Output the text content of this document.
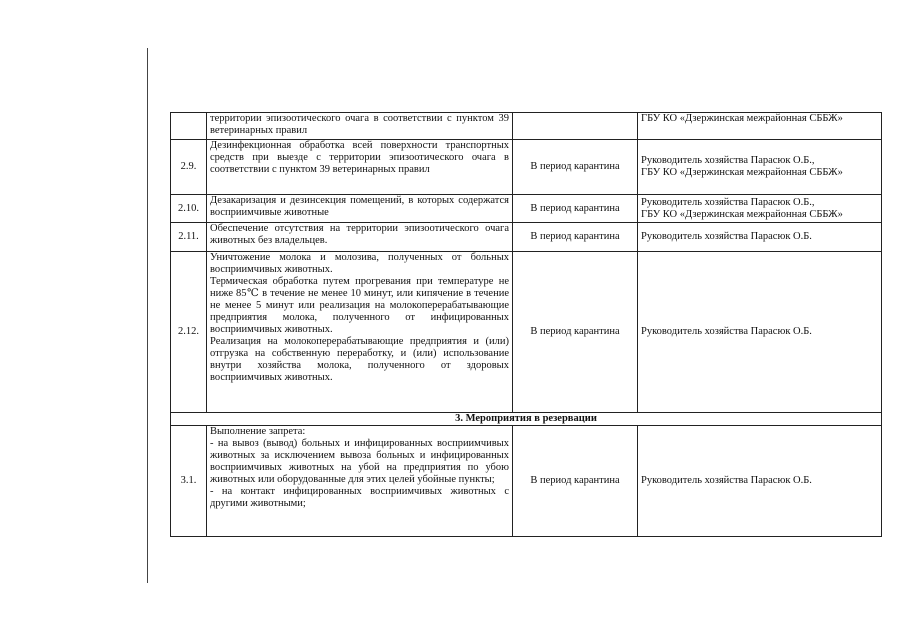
	территории эпизоотического очага в соответствии с пунктом 39 ветеринарных правил		ГБУ КО «Дзержинская межрайонная СББЖ»

2.9.	Дезинфекционная обработка всей поверхности транспортных средств при выезде с территории эпизоотического очага в соответствии с пунктом 39 ветеринарных правил	В период карантина	Руководитель хозяйства Парасюк О.Б.,
ГБУ КО «Дзержинская межрайонная СББЖ»

2.10.	Дезакаризация и дезинсекция помещений, в которых содержатся восприимчивые животные	В период карантина	Руководитель хозяйства Парасюк О.Б.,
ГБУ КО «Дзержинская межрайонная СББЖ»

2.11.	Обеспечение отсутствия на территории эпизоотического очага животных без владельцев.	В период карантина	Руководитель хозяйства Парасюк О.Б.

2.12.	Уничтожение молока и молозива, полученных от больных восприимчивых животных.
Термическая обработка путем прогревания при температуре не ниже 85℃ в течение не менее 10 минут, или кипячение в течение не менее 5 минут или реализация на молокоперерабатывающие предприятия молока, полученного от инфицированных восприимчивых животных.
Реализация на молокоперерабатывающие предприятия и (или) отгрузка на собственную переработку, и (или) использование внутри хозяйства молока, полученного от здоровых восприимчивых животных.	В период карантина	Руководитель хозяйства Парасюк О.Б.

3. Мероприятия в резервации			
3.1.	Выполнение запрета:
- на вывоз (вывод) больных и инфицированных восприимчивых животных за исключением вывоза больных и инфицированных восприимчивых животных на убой на предприятия по убою животных или оборудованные для этих целей убойные пункты;
- на контакт инфицированных восприимчивых животных с другими животными;	В период карантина	Руководитель хозяйства Парасюк О.Б.
